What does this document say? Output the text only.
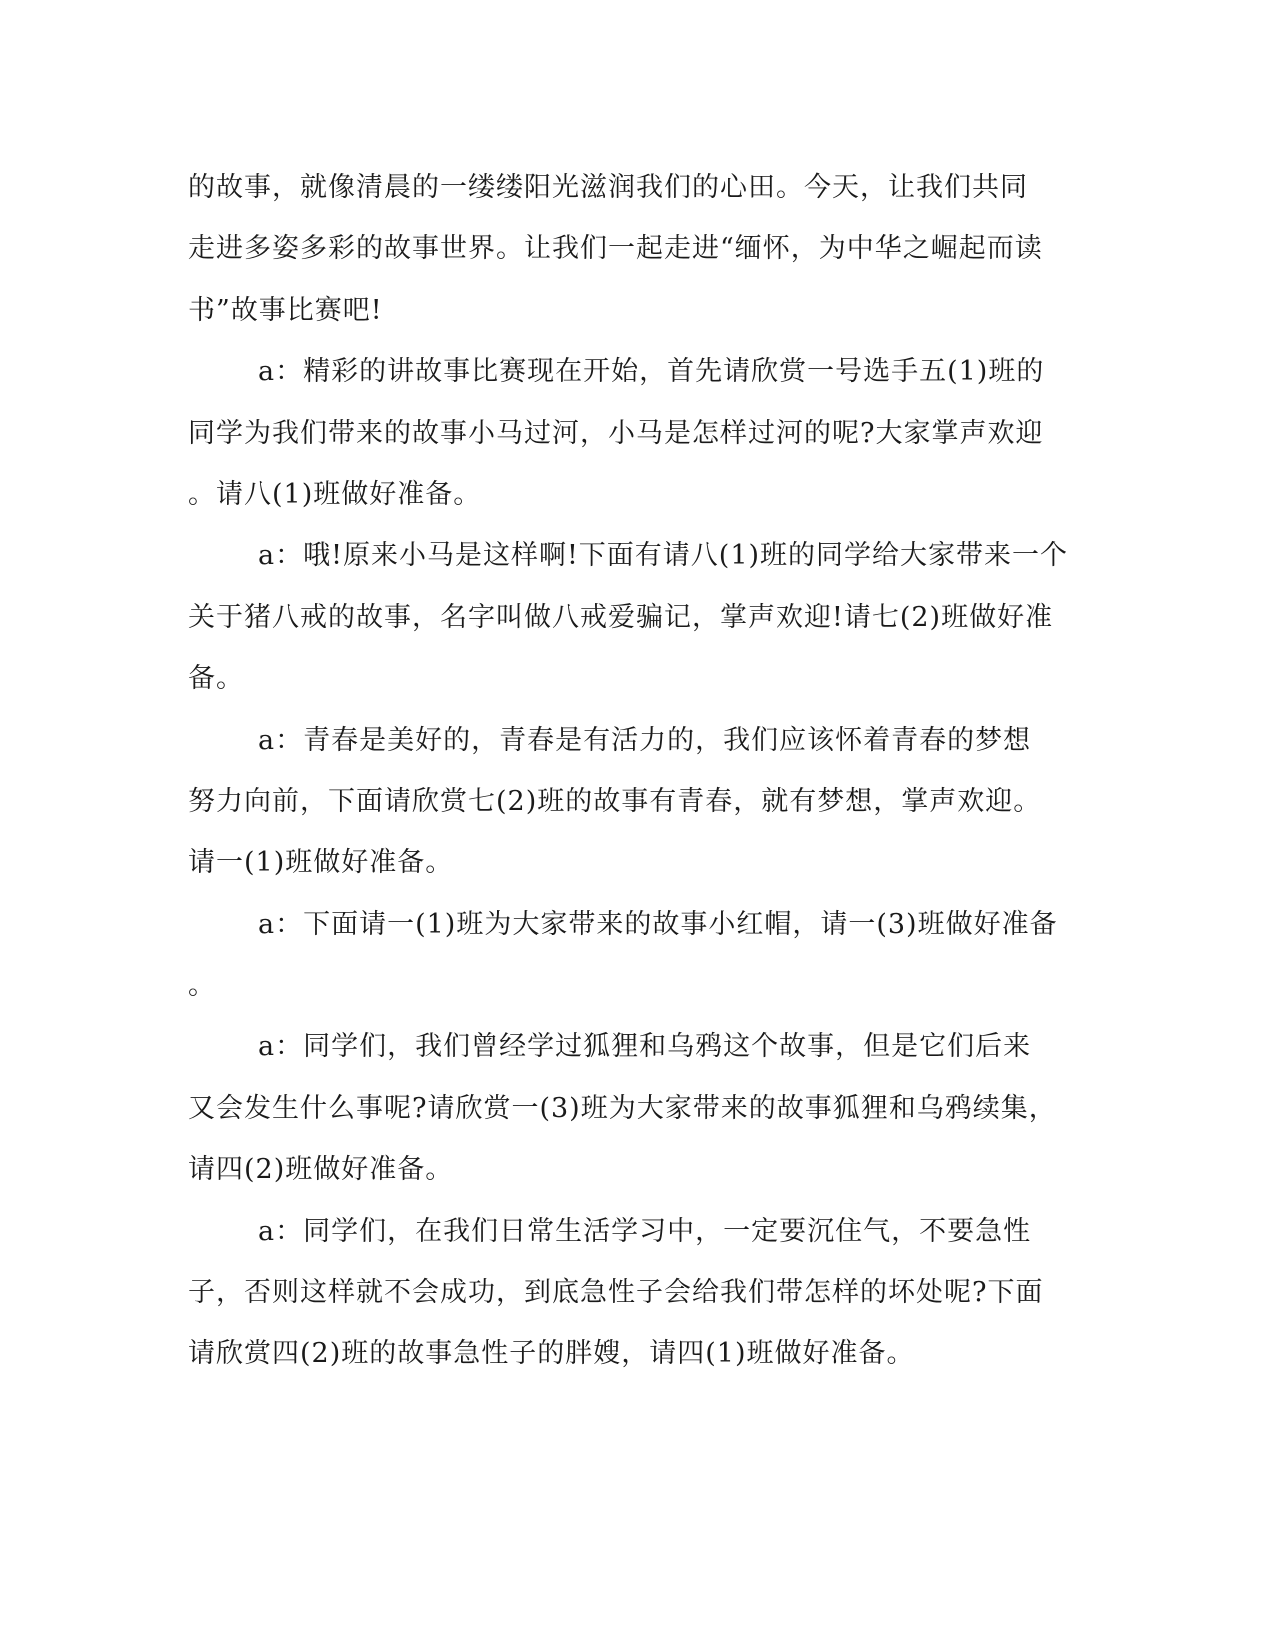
的故事，就像清晨的一缕缕阳光滋润我们的心田。今天，让我们共同
走进多姿多彩的故事世界。让我们一起走进“缅怀，为中华之崛起而读
书”故事比赛吧!
a：精彩的讲故事比赛现在开始，首先请欣赏一号选手五(1)班的
同学为我们带来的故事小马过河，小马是怎样过河的呢?大家掌声欢迎
。请八(1)班做好准备。
a：哦!原来小马是这样啊!下面有请八(1)班的同学给大家带来一个
关于猪八戒的故事，名字叫做八戒爱骗记，掌声欢迎!请七(2)班做好准
备。
a：青春是美好的，青春是有活力的，我们应该怀着青春的梦想
努力向前，下面请欣赏七(2)班的故事有青春，就有梦想，掌声欢迎。
请一(1)班做好准备。
a：下面请一(1)班为大家带来的故事小红帽，请一(3)班做好准备
。
a：同学们，我们曾经学过狐狸和乌鸦这个故事，但是它们后来
又会发生什么事呢?请欣赏一(3)班为大家带来的故事狐狸和乌鸦续集，
请四(2)班做好准备。
a：同学们，在我们日常生活学习中，一定要沉住气，不要急性
子，否则这样就不会成功，到底急性子会给我们带怎样的坏处呢?下面
请欣赏四(2)班的故事急性子的胖嫂，请四(1)班做好准备。
